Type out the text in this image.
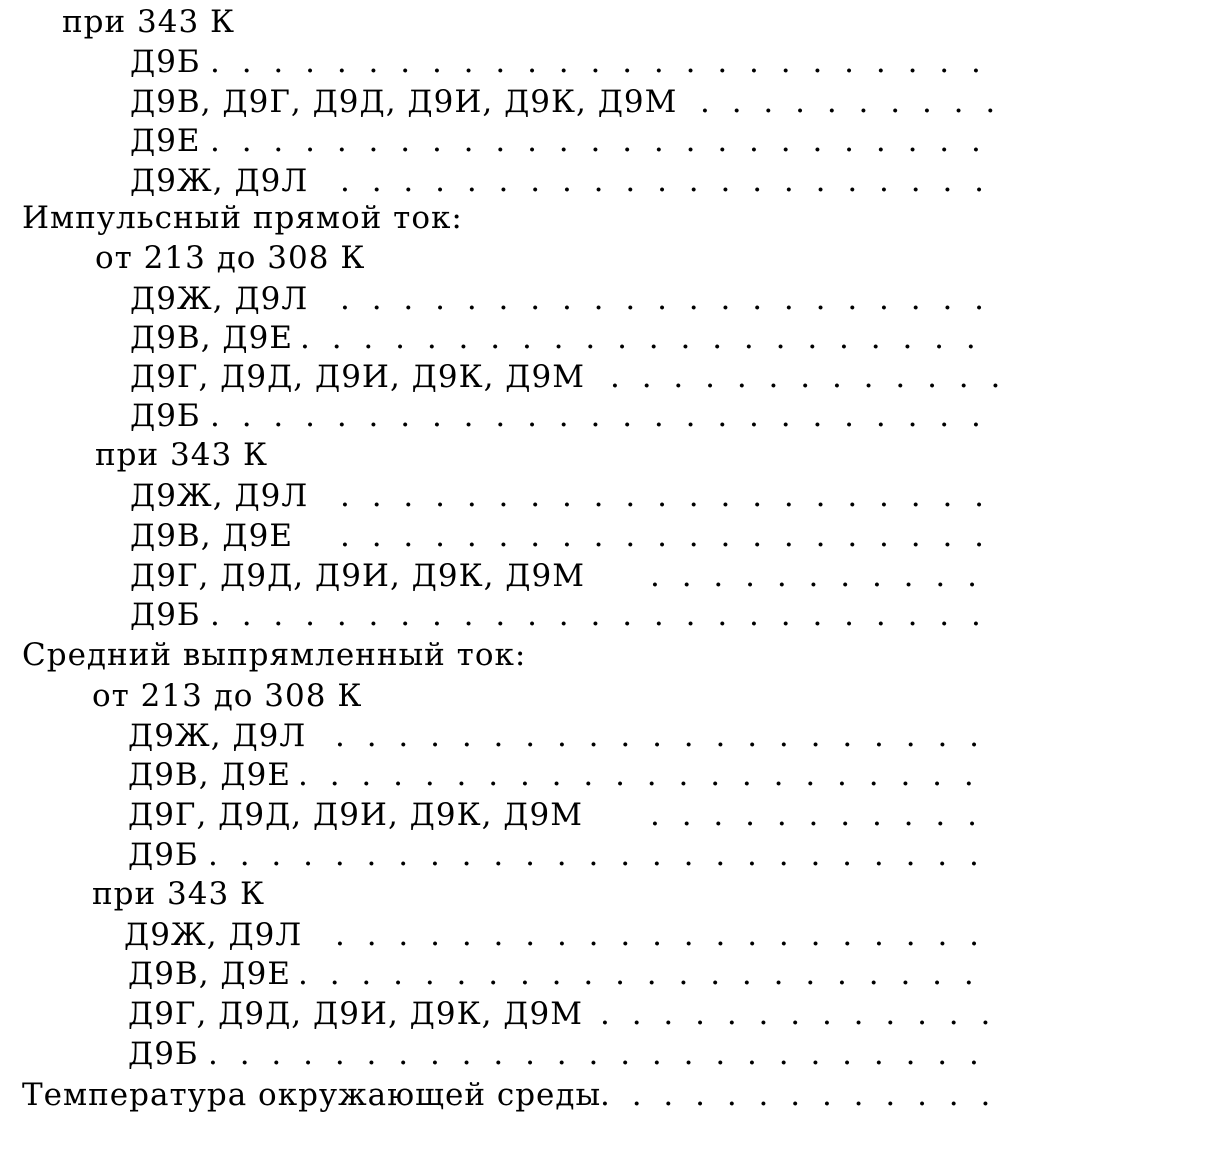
при 343 К
Д9Б
. . .
Д9В, Д9Г, Д9Д, Д9И, Д9К, Д9М
. . .
Д9Е
. . .
Д9Ж, Д9Л
. . .
Импульсный прямой ток:
от 213 до 308 К
Д9Ж, Д9Л
. . .
Д9В, Д9Е
. . .
Д9Г, Д9Д, Д9И, Д9К, Д9М
. . .
Д9Б
. . .
при 343 К
Д9Ж, Д9Л
. . .
Д9В, Д9Е
. . .
Д9Г, Д9Д, Д9И, Д9К, Д9М
. . .
Д9Б
. . .
Средний выпрямленный ток:
от 213 до 308 К
Д9Ж, Д9Л
. . .
Д9В, Д9Е
. . .
Д9Г, Д9Д, Д9И, Д9К, Д9М
. . .
Д9Б
. . .
при 343 К
Д9Ж, Д9Л
. . .
Д9В, Д9Е
. . .
Д9Г, Д9Д, Д9И, Д9К, Д9М
. . .
Д9Б
. . .
Температура окружающей среды
. . .
